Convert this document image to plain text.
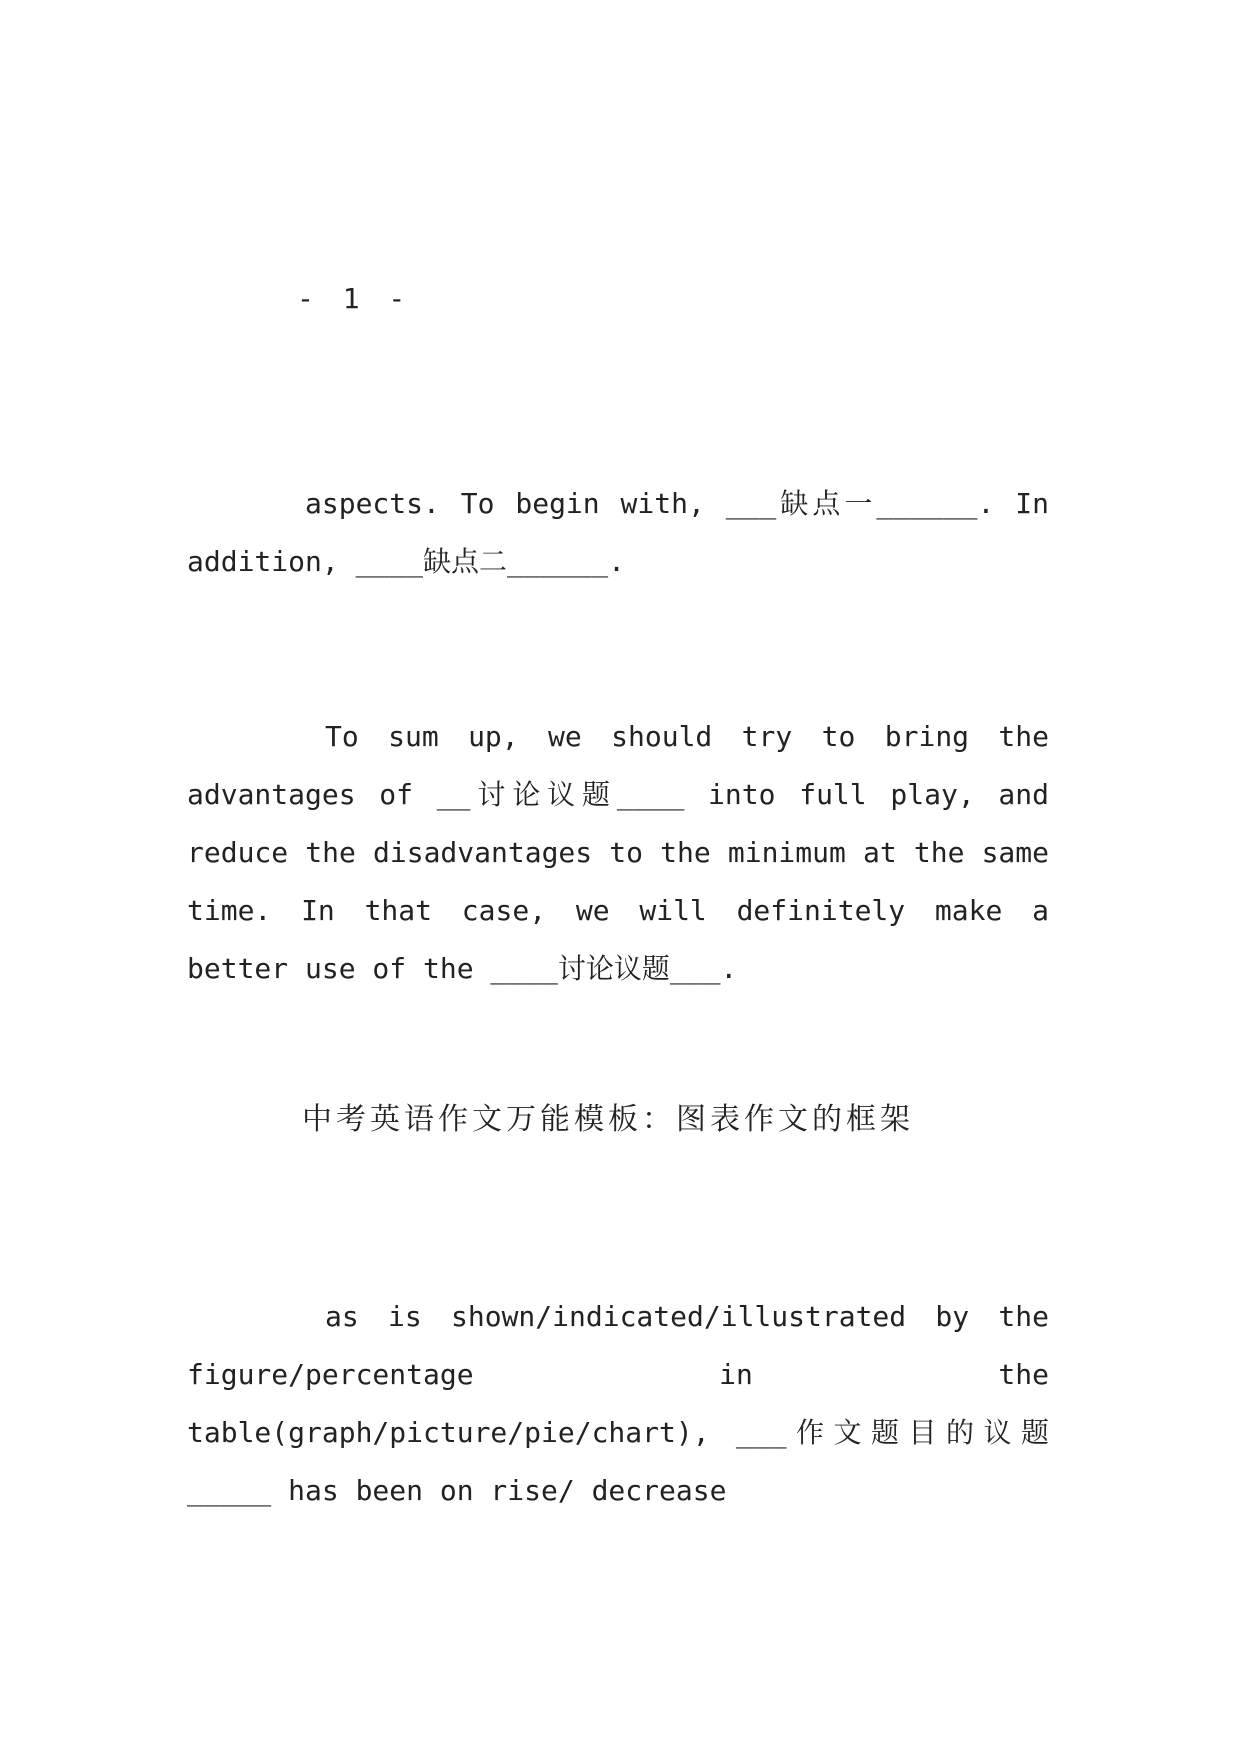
- 1 -

aspects. To begin with, ___缺点一______. In addition, ____缺点二______.

To sum up, we should try to bring the advantages of __讨论议题____ into full play, and reduce the disadvantages to the minimum at the same time. In that case, we will definitely make a better use of the ____讨论议题___.

中考英语作文万能模板：图表作文的框架

as is shown/indicated/illustrated by the figure/percentage in the table(graph/picture/pie/chart), ___作文题目的议题_____ has been on rise/ decrease
